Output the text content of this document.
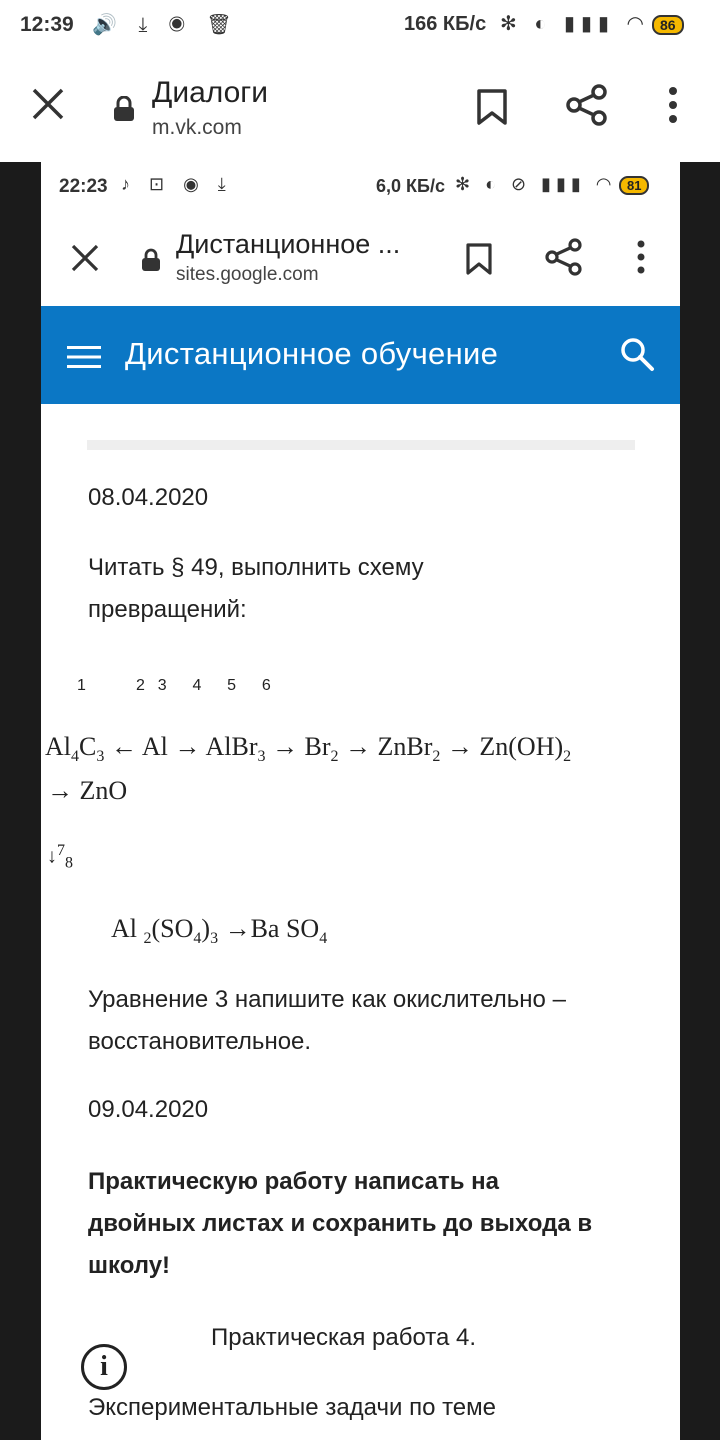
12:39 🔊 ⤓ ◉ 🗑	166 КБ/с ✻ ◐ ▮▮▮ ◠ 86
Диалоги
m.vk.com
22:23 ♪ ⊡ ◉ ⤓	6,0 КБ/с ✻ ◐ ⊘ ▮▮▮ ◠ 81
Дистанционное ...
sites.google.com
Дистанционное обучение
08.04.2020
Читать § 49, выполнить схему
превращений:
1	2  3    4    5    6
$Al_4C_3$ ← Al → AlBr$_3$ → $Br_2$ → ZnBr$_2$ → $Zn(OH)_2$
→ ZnO
↓$^7_8$
Al $_2(SO_4)_3 \to Ba$ $SO_4$
Уравнение 3 напишите как окислительно –
восстановительное.
09.04.2020
Практическую работу написать на
двойных листах и сохранить до выхода в
школу!
Практическая работа 4.
Экспериментальные задачи по теме
i
